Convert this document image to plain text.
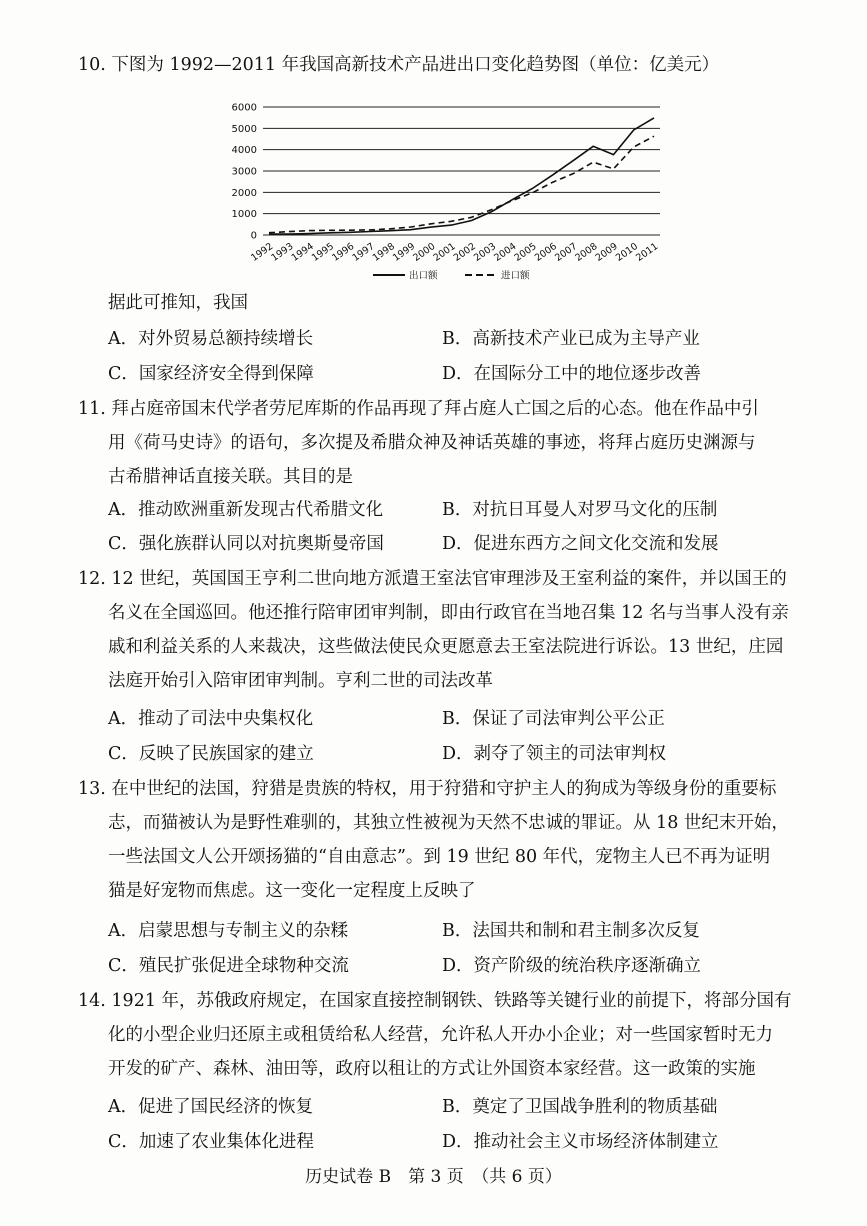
10. 下图为 1992—2011 年我国高新技术产品进出口变化趋势图（单位：亿美元）
0
1000
2000
3000
4000
5000
6000
1992
1993
1994
1995
1996
1997
1998
1999
2000
2001
2002
2003
2004
2005
2006
2007
2008
2009
2010
2011
出口额	进口额
据此可推知，我国
A．对外贸易总额持续增长	B．高新技术产业已成为主导产业
C．国家经济安全得到保障	D．在国际分工中的地位逐步改善
11. 拜占庭帝国末代学者劳尼库斯的作品再现了拜占庭人亡国之后的心态。他在作品中引
用《荷马史诗》的语句，多次提及希腊众神及神话英雄的事迹，将拜占庭历史渊源与
古希腊神话直接关联。其目的是
A．推动欧洲重新发现古代希腊文化	B．对抗日耳曼人对罗马文化的压制
C．强化族群认同以对抗奥斯曼帝国	D．促进东西方之间文化交流和发展
12. 12 世纪，英国国王亨利二世向地方派遣王室法官审理涉及王室利益的案件，并以国王的
名义在全国巡回。他还推行陪审团审判制，即由行政官在当地召集 12 名与当事人没有亲
戚和利益关系的人来裁决，这些做法使民众更愿意去王室法院进行诉讼。13 世纪，庄园
法庭开始引入陪审团审判制。亨利二世的司法改革
A．推动了司法中央集权化	B．保证了司法审判公平公正
C．反映了民族国家的建立	D．剥夺了领主的司法审判权
13. 在中世纪的法国，狩猎是贵族的特权，用于狩猎和守护主人的狗成为等级身份的重要标
志，而猫被认为是野性难驯的，其独立性被视为天然不忠诚的罪证。从 18 世纪末开始，
一些法国文人公开颂扬猫的“自由意志”。到 19 世纪 80 年代，宠物主人已不再为证明
猫是好宠物而焦虑。这一变化一定程度上反映了
A．启蒙思想与专制主义的杂糅	B．法国共和制和君主制多次反复
C．殖民扩张促进全球物种交流	D．资产阶级的统治秩序逐渐确立
14. 1921 年，苏俄政府规定，在国家直接控制钢铁、铁路等关键行业的前提下，将部分国有
化的小型企业归还原主或租赁给私人经营，允许私人开办小企业；对一些国家暂时无力
开发的矿产、森林、油田等，政府以租让的方式让外国资本家经营。这一政策的实施
A．促进了国民经济的恢复	B．奠定了卫国战争胜利的物质基础
C．加速了农业集体化进程	D．推动社会主义市场经济体制建立
历史试卷 B　第 3 页　（共 6 页）
